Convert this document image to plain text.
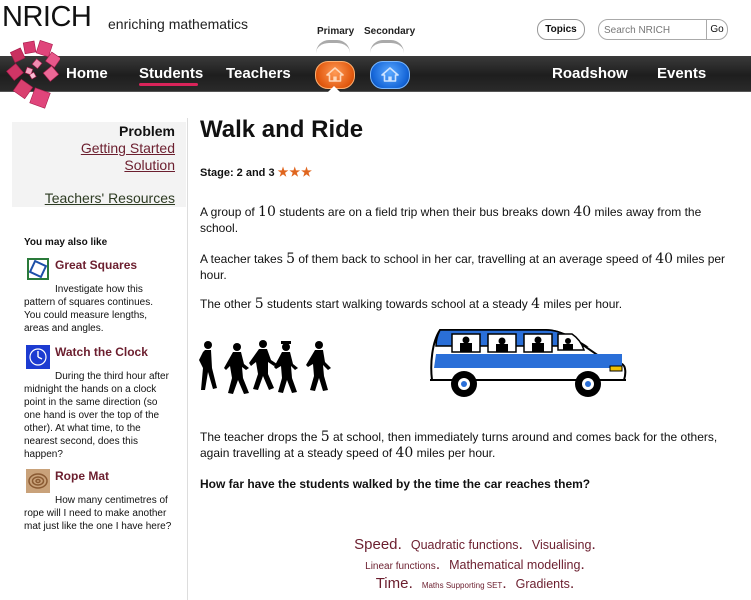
NRICH enriching mathematics	Primary Secondary	Topics
Search NRICH	Go
Home Students Teachers	Roadshow Events
Problem
Getting Started
Solution
Teachers' Resources
You may also like
Great Squares
Investigate how this pattern of squares continues. You could measure lengths, areas and angles.
Watch the Clock
During the third hour after midnight the hands on a clock point in the same direction (so one hand is over the top of the other). At what time, to the nearest second, does this happen?
Rope Mat
How many centimetres of rope will I need to make another mat just like the one I have here?
Walk and Ride
Stage: 2 and 3 ★★★

A group of 10 students are on a field trip when their bus breaks down 40 miles away from the school.

A teacher takes 5 of them back to school in her car, travelling at an average speed of 40 miles per hour.

The other 5 students start walking towards school at a steady 4 miles per hour.

The teacher drops the 5 at school, then immediately turns around and comes back for the others, again travelling at a steady speed of 40 miles per hour.

How far have the students walked by the time the car reaches them?
Speed. Quadratic functions. Visualising.
Linear functions. Mathematical modelling.
Time. Maths Supporting SET. Gradients.
